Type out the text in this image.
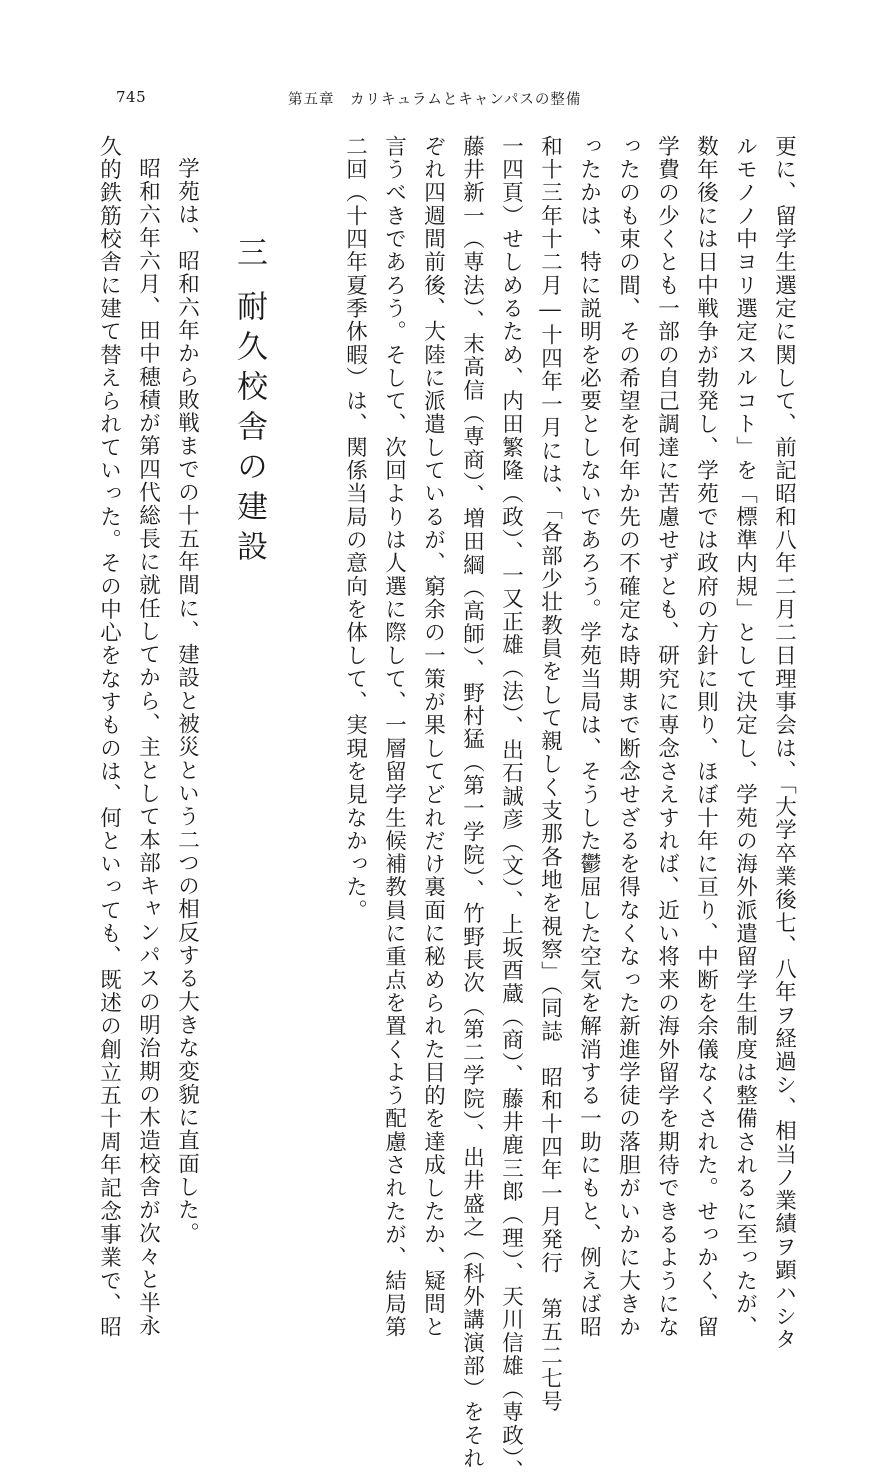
745	第五章　カリキュラムとキャンパスの整備
更に、留学生選定に関して、前記昭和八年二月二日理事会は、「大学卒業後七、八年ヲ経過シ、相当ノ業績ヲ顕ハシタ
ルモノノ中ヨリ選定スルコト」を「標準内規」として決定し、学苑の海外派遣留学生制度は整備されるに至ったが、
数年後には日中戦争が勃発し、学苑では政府の方針に則り、ほぼ十年に亘り、中断を余儀なくされた。せっかく、留
学費の少くとも一部の自己調達に苦慮せずとも、研究に専念さえすれば、近い将来の海外留学を期待できるようにな
ったのも束の間、その希望を何年か先の不確定な時期まで断念せざるを得なくなった新進学徒の落胆がいかに大きか
ったかは、特に説明を必要としないであろう。学苑当局は、そうした鬱屈した空気を解消する一助にもと、例えば昭
和十三年十二月―十四年一月には、「各部少壮教員をして親しく支那各地を視察」（同誌　昭和十四年一月発行　第五二七号
一四頁）せしめるため、内田繁隆（政）、一又正雄（法）、出石誠彦（文）、上坂酉蔵（商）、藤井鹿三郎（理）、天川信雄（専政）、
藤井新一（専法）、末高信（専商）、増田綱（高師）、野村猛（第一学院）、竹野長次（第二学院）、出井盛之（科外講演部）をそれ
ぞれ四週間前後、大陸に派遣しているが、窮余の一策が果してどれだけ裏面に秘められた目的を達成したか、疑問と
言うべきであろう。そして、次回よりは人選に際して、一層留学生候補教員に重点を置くよう配慮されたが、結局第
二回（十四年夏季休暇）は、関係当局の意向を体して、実現を見なかった。
三耐久校舎の建設
学苑は、昭和六年から敗戦までの十五年間に、建設と被災という二つの相反する大きな変貌に直面した。
昭和六年六月、田中穂積が第四代総長に就任してから、主として本部キャンパスの明治期の木造校舎が次々と半永
久的鉄筋校舎に建て替えられていった。その中心をなすものは、何といっても、既述の創立五十周年記念事業で、昭
